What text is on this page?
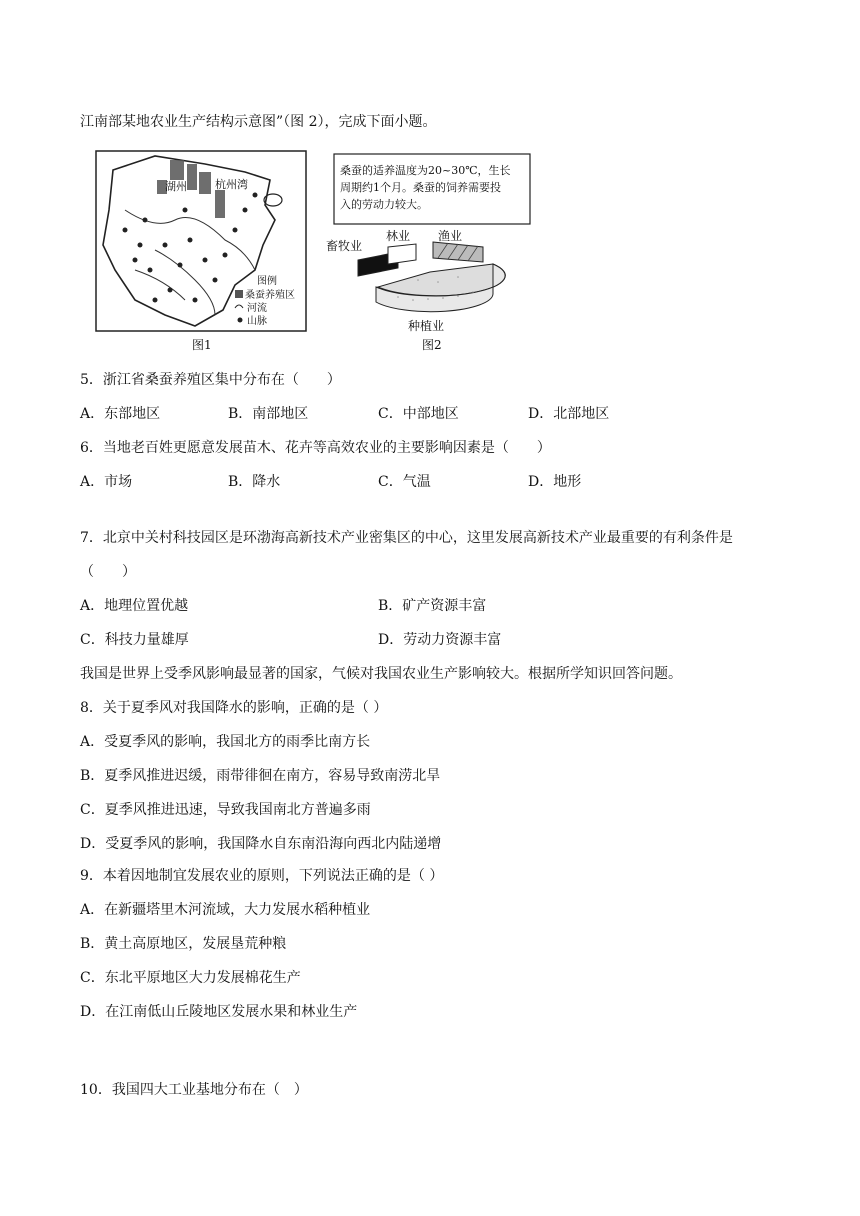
江南部某地农业生产结构示意图”（图 2），完成下面小题。
湖州	杭州湾
图例
桑蚕养殖区
河流
山脉
图1
桑蚕的适养温度为20~30℃，生长
周期约1个月。桑蚕的饲养需要投
入的劳动力较大。
畜牧业
林业 渔业
种植业
图2
5．浙江省桑蚕养殖区集中分布在（　　）
A．东部地区	B．南部地区	C．中部地区	D．北部地区
6．当地老百姓更愿意发展苗木、花卉等高效农业的主要影响因素是（　　）
A．市场	B．降水	C．气温	D．地形
7．北京中关村科技园区是环渤海高新技术产业密集区的中心，这里发展高新技术产业最重要的有利条件是
（　　）
A．地理位置优越	B．矿产资源丰富
C．科技力量雄厚	D．劳动力资源丰富
我国是世界上受季风影响最显著的国家，气候对我国农业生产影响较大。根据所学知识回答问题。
8．关于夏季风对我国降水的影响，正确的是（ ）
A．受夏季风的影响，我国北方的雨季比南方长
B．夏季风推进迟缓，雨带徘徊在南方，容易导致南涝北旱
C．夏季风推进迅速，导致我国南北方普遍多雨
D．受夏季风的影响，我国降水自东南沿海向西北内陆递增
9．本着因地制宜发展农业的原则，下列说法正确的是（ ）
A．在新疆塔里木河流域，大力发展水稻种植业
B．黄土高原地区，发展垦荒种粮
C．东北平原地区大力发展棉花生产
D．在江南低山丘陵地区发展水果和林业生产
10．我国四大工业基地分布在（　）
